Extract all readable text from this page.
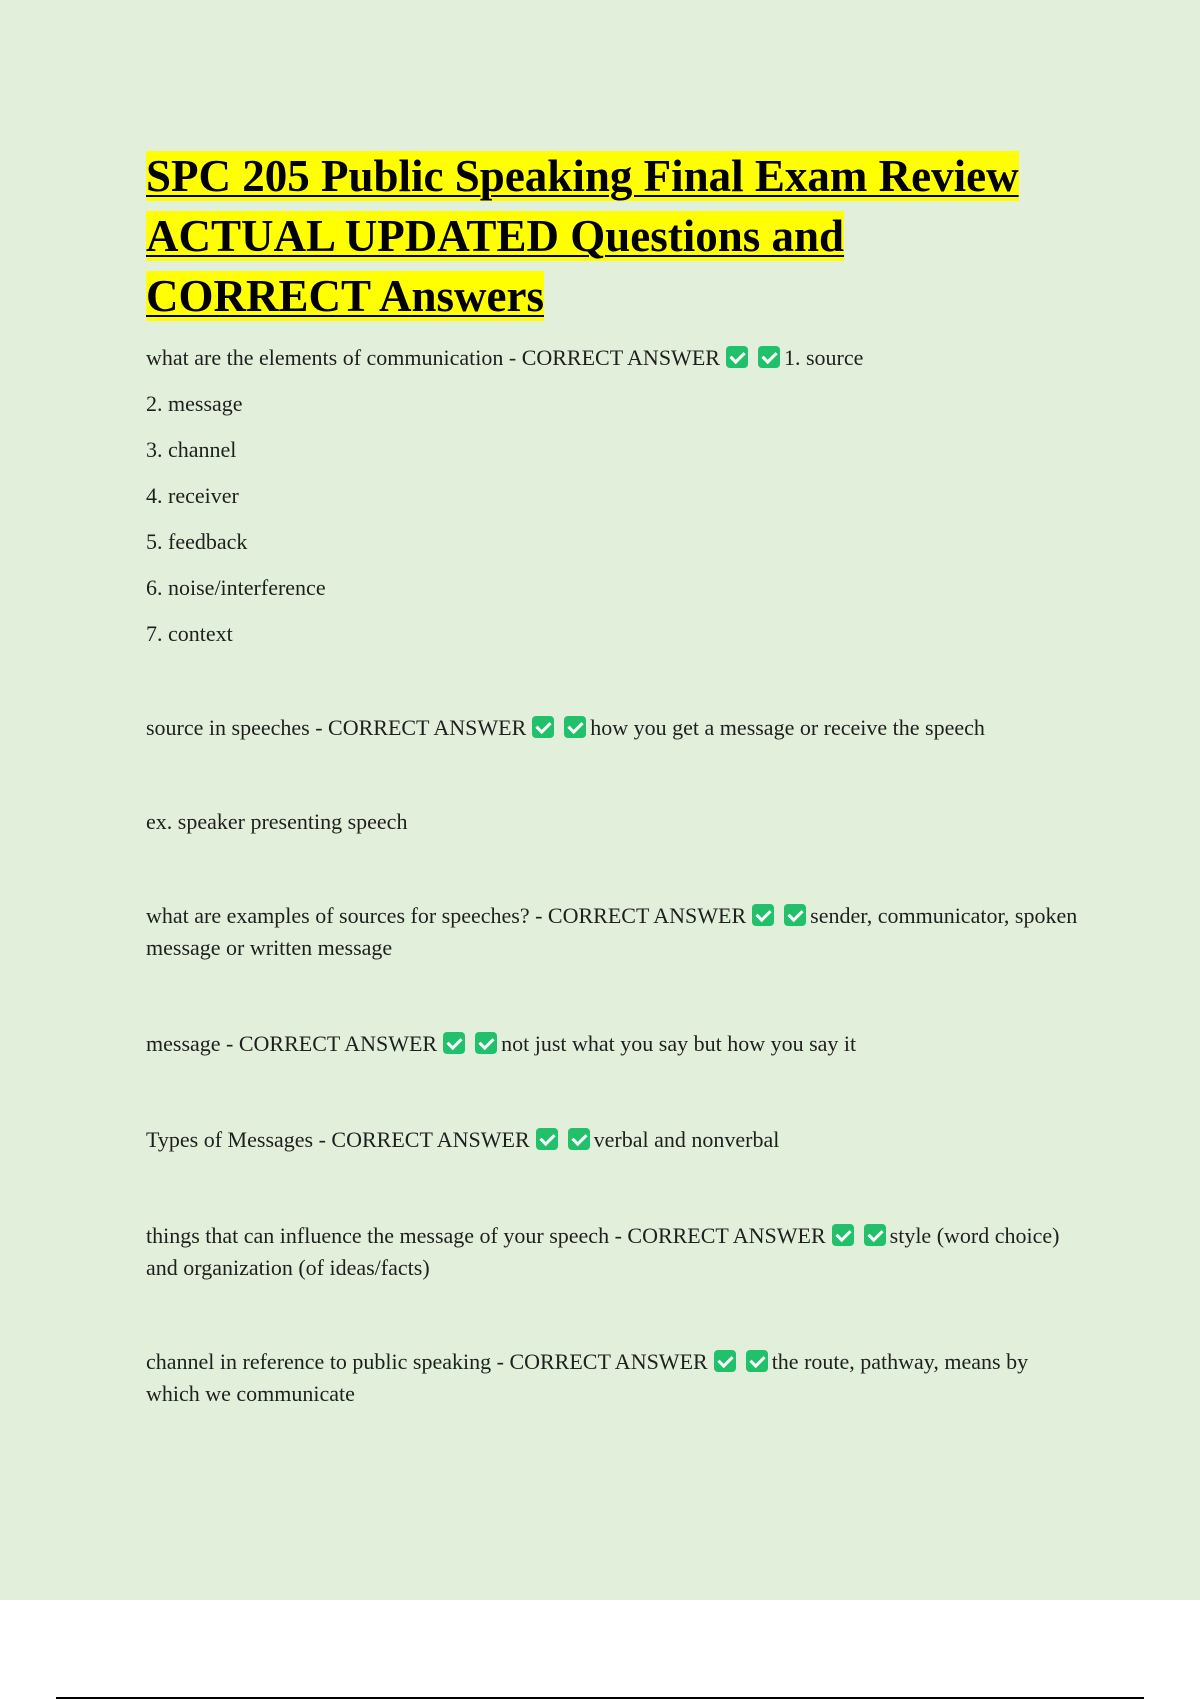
SPC 205 Public Speaking Final Exam Review
ACTUAL UPDATED Questions and
CORRECT Answers

what are the elements of communication - CORRECT ANSWER	1. source

2. message

3. channel

4. receiver

5. feedback

6. noise/interference

7. context

source in speeches - CORRECT ANSWER	how you get a message or receive the speech

ex. speaker presenting speech

what are examples of sources for speeches? - CORRECT ANSWER	sender, communicator, spoken message or written message

message - CORRECT ANSWER	not just what you say but how you say it

Types of Messages - CORRECT ANSWER	verbal and nonverbal

things that can influence the message of your speech - CORRECT ANSWER	style (word choice) and organization (of ideas/facts)

channel in reference to public speaking - CORRECT ANSWER	the route, pathway, means by which we communicate
